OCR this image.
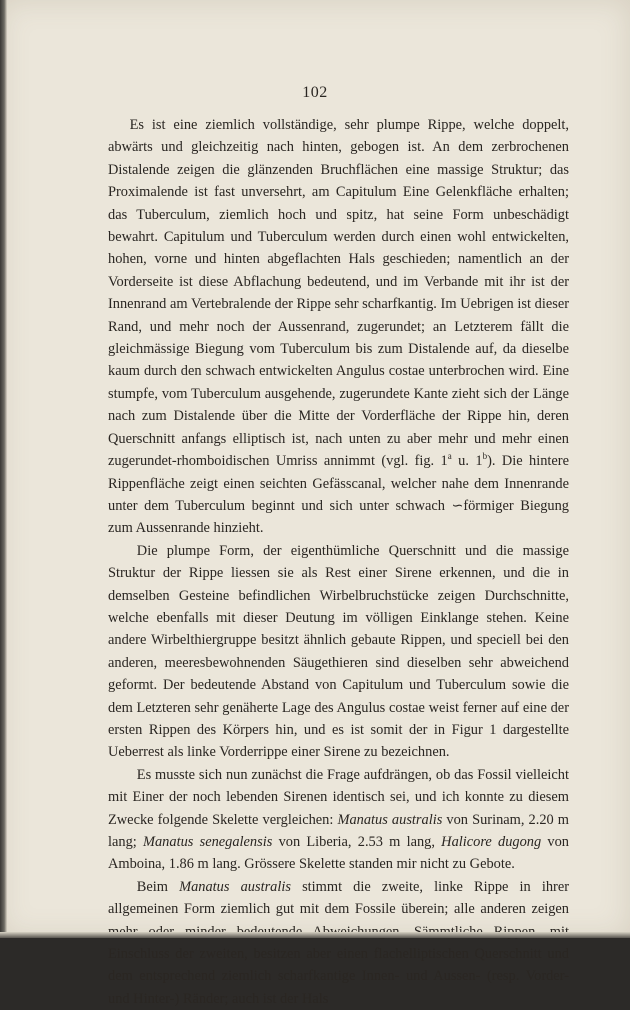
102

Es ist eine ziemlich vollständige, sehr plumpe Rippe, welche doppelt, abwärts und gleichzeitig nach hinten, gebogen ist. An dem zerbrochenen Distalende zeigen die glänzenden Bruchflächen eine massige Struktur; das Proximalende ist fast unversehrt, am Capitulum Eine Gelenkfläche erhalten; das Tuberculum, ziemlich hoch und spitz, hat seine Form unbeschädigt bewahrt. Capitulum und Tuberculum werden durch einen wohl entwickelten, hohen, vorne und hinten abgeflachten Hals geschieden; namentlich an der Vorderseite ist diese Abflachung bedeutend, und im Verbande mit ihr ist der Innenrand am Vertebralende der Rippe sehr scharfkantig. Im Uebrigen ist dieser Rand, und mehr noch der Aussenrand, zugerundet; an Letzterem fällt die gleichmässige Biegung vom Tuberculum bis zum Distalende auf, da dieselbe kaum durch den schwach entwickelten Angulus costae unterbrochen wird. Eine stumpfe, vom Tuberculum ausgehende, zugerundete Kante zieht sich der Länge nach zum Distalende über die Mitte der Vorderfläche der Rippe hin, deren Querschnitt anfangs elliptisch ist, nach unten zu aber mehr und mehr einen zugerundet-rhomboidischen Umriss annimmt (vgl. fig. 1$^a$ u. 1$^b$). Die hintere Rippenfläche zeigt einen seichten Gefässcanal, welcher nahe dem Innenrande unter dem Tuberculum beginnt und sich unter schwach ∽förmiger Biegung zum Aussenrande hinzieht.

Die plumpe Form, der eigenthümliche Querschnitt und die massige Struktur der Rippe liessen sie als Rest einer Sirene erkennen, und die in demselben Gesteine befindlichen Wirbelbruchstücke zeigen Durchschnitte, welche ebenfalls mit dieser Deutung im völligen Einklange stehen. Keine andere Wirbelthiergruppe besitzt ähnlich gebaute Rippen, und speciell bei den anderen, meeresbewohnenden Säugethieren sind dieselben sehr abweichend geformt. Der bedeutende Abstand von Capitulum und Tuberculum sowie die dem Letzteren sehr genäherte Lage des Angulus costae weist ferner auf eine der ersten Rippen des Körpers hin, und es ist somit der in Figur 1 dargestellte Ueberrest als linke Vorderrippe einer Sirene zu bezeichnen.

Es musste sich nun zunächst die Frage aufdrängen, ob das Fossil vielleicht mit Einer der noch lebenden Sirenen identisch sei, und ich konnte zu diesem Zwecke folgende Skelette vergleichen: Manatus australis von Surinam, 2.20 m lang; Manatus senegalensis von Liberia, 2.53 m lang, Halicore dugong von Amboina, 1.86 m lang. Grössere Skelette standen mir nicht zu Gebote.

Beim Manatus australis stimmt die zweite, linke Rippe in ihrer allgemeinen Form ziemlich gut mit dem Fossile überein; alle anderen zeigen Einschluss der zweiten, besitzen aber einen flachelliptischen Querschnitt und dem entsprechend ziemlich scharfkantige Innen- und Aussen- (resp. Vorder- und Hinter-) Ränder; auch ist der Hals
